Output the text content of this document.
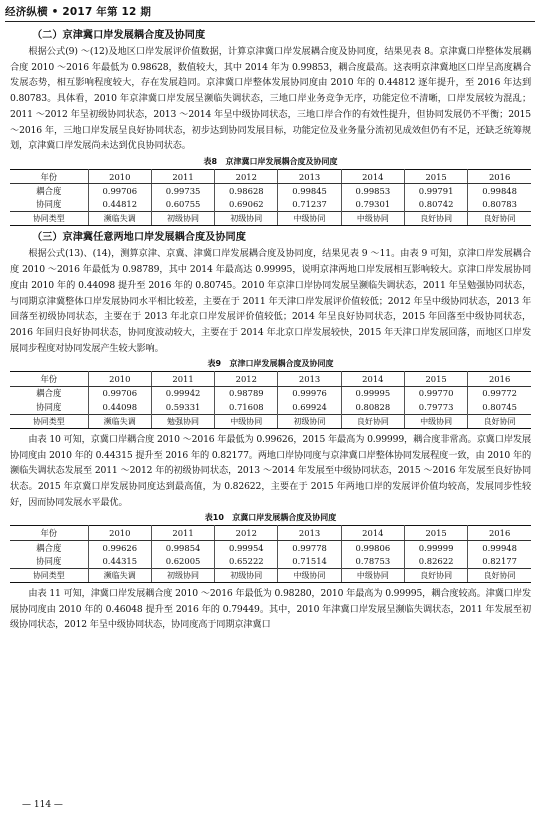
经济纵横 • 2017 年第 12 期
（二）京津冀口岸发展耦合度及协同度

根据公式(9) ～(12)及地区口岸发展评价值数据，计算京津冀口岸发展耦合度及协同度，结果见表 8。京津冀口岸整体发展耦合度 2010 ～2016 年最低为 0.98628，数值较大，其中 2014 年为 0.99853，耦合度最高。这表明京津冀地区口岸呈高度耦合发展态势，相互影响程度较大，存在发展趋同。京津冀口岸整体发展协同度由 2010 年的 0.44812 逐年提升，至 2016 年达到 0.80783。具体看，2010 年京津冀口岸发展呈濒临失调状态，三地口岸业务竞争无序，功能定位不清晰，口岸发展较为混乱；2011 ～2012 年呈初级协同状态，2013 ～2014 年呈中级协同状态，三地口岸合作的有效性提升，但协同发展仍不平衡；2015 ～2016 年，三地口岸发展呈良好协同状态，初步达到协同发展目标，功能定位及业务量分流初见成效但仍有不足，还缺乏统筹规划，京津冀口岸发展尚未达到优良协同状态。

表8   京津冀口岸发展耦合度及协同度
年份	2010	2011	2012	2013	2014	2015	2016
耦合度	0.99706	0.99735	0.98628	0.99845	0.99853	0.99791	0.99848
协同度	0.44812	0.60755	0.69062	0.71237	0.79301	0.80742	0.80783
协同类型	濒临失调	初级协同	初级协同	中级协同	中级协同	良好协同	良好协同
（三）京津冀任意两地口岸发展耦合度及协同度

根据公式(13)、(14)，测算京津、京冀、津冀口岸发展耦合度及协同度，结果见表 9 ～11。由表 9 可知，京津口岸发展耦合度 2010 ～2016 年最低为 0.98789，其中 2014 年最高达 0.99995，说明京津两地口岸发展相互影响较大。京津口岸发展协同度由 2010 年的 0.44098 提升至 2016 年的 0.80745。2010 年京津口岸协同发展呈濒临失调状态，2011 年呈勉强协同状态，与同期京津冀整体口岸发展协同水平相比较差，主要在于 2011 年天津口岸发展评价值较低；2012 年呈中级协同状态，2013 年回落至初级协同状态，主要在于 2013 年北京口岸发展评价值较低；2014 年呈良好协同状态，2015 年回落至中级协同状态，2016 年回归良好协同状态，协同度波动较大，主要在于 2014 年北京口岸发展较快，2015 年天津口岸发展回落，而地区口岸发展同步程度对协同发展产生较大影响。

表9   京津口岸发展耦合度及协同度
年份	2010	2011	2012	2013	2014	2015	2016
耦合度	0.99706	0.99942	0.98789	0.99976	0.99995	0.99770	0.99772
协同度	0.44098	0.59331	0.71608	0.69924	0.80828	0.79773	0.80745
协同类型	濒临失调	勉强协同	中级协同	初级协同	良好协同	中级协同	良好协同

由表 10 可知，京冀口岸耦合度 2010 ～2016 年最低为 0.99626，2015 年最高为 0.99999，耦合度非常高。京冀口岸发展协同度由 2010 年的 0.44315 提升至 2016 年的 0.82177。两地口岸协同度与京津冀口岸整体协同发展程度一致，由 2010 年的濒临失调状态发展至 2011 ～2012 年的初级协同状态，2013 ～2014 年发展至中级协同状态，2015 ～2016 年发展至良好协同状态。2015 年京冀口岸发展协同度达到最高值，为 0.82622，主要在于 2015 年两地口岸的发展评价值均较高，发展同步性较好，因而协同发展水平最优。

表10   京冀口岸发展耦合度及协同度
年份	2010	2011	2012	2013	2014	2015	2016
耦合度	0.99626	0.99854	0.99954	0.99778	0.99806	0.99999	0.99948
协同度	0.44315	0.62005	0.65222	0.71514	0.78753	0.82622	0.82177
协同类型	濒临失调	初级协同	初级协同	中级协同	中级协同	良好协同	良好协同

由表 11 可知，津冀口岸发展耦合度 2010 ～2016 年最低为 0.98280，2010 年最高为 0.99995，耦合度较高。津冀口岸发展协同度由 2010 年的 0.46048 提升至 2016 年的 0.79449。其中，2010 年津冀口岸发展呈濒临失调状态，2011 年发展至初级协同状态，2012 年呈中级协同状态，协同度高于同期京津冀口

— 114 —
